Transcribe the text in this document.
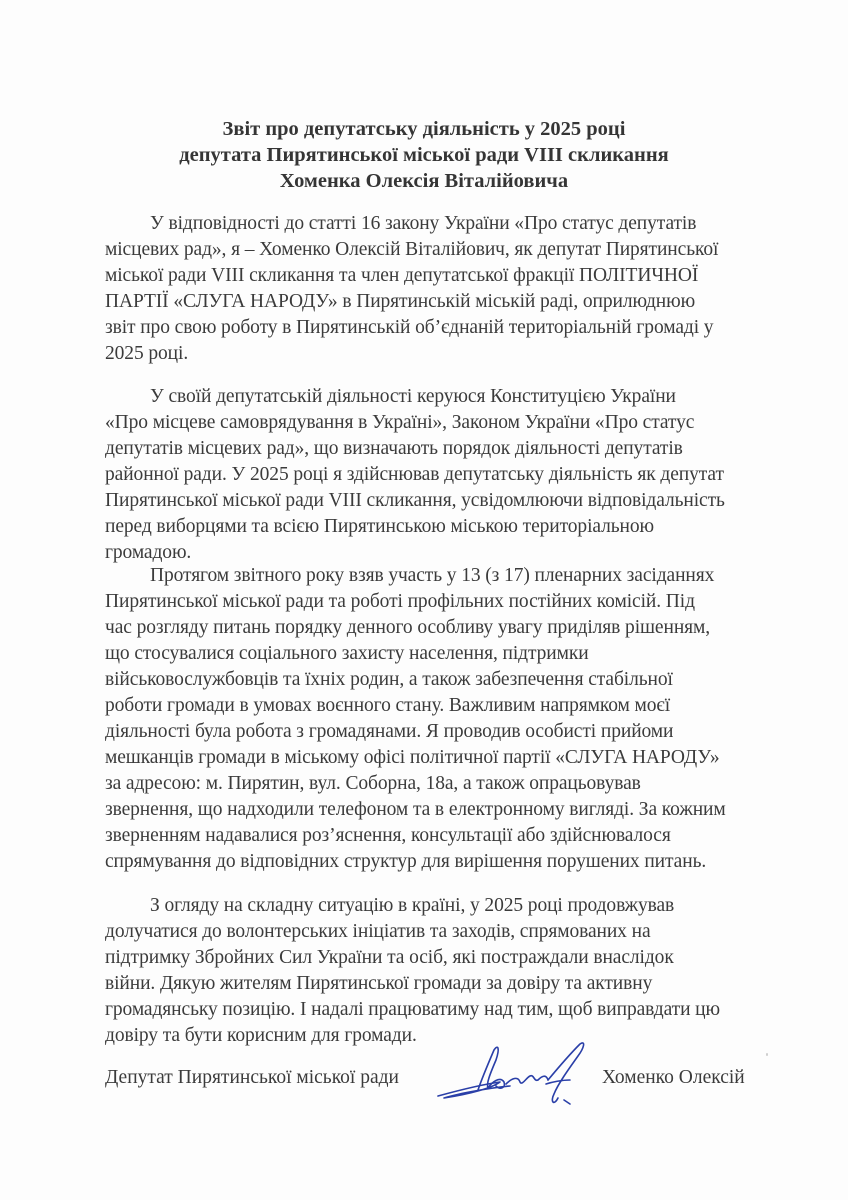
Звіт про депутатську діяльність у 2025 році
депутата Пирятинської міської ради VIII скликання
Хоменка Олексія Віталійовича
У відповідності до статті 16 закону України «Про статус депутатів
місцевих рад», я – Хоменко Олексій Віталійович, як депутат Пирятинської
міської ради VIII скликання та член депутатської фракції ПОЛІТИЧНОЇ
ПАРТІЇ «СЛУГА НАРОДУ» в Пирятинській міській раді, оприлюднюю
звіт про свою роботу в Пирятинській об’єднаній територіальній громаді у
2025 році.
У своїй депутатській діяльності керуюся Конституцією України
«Про місцеве самоврядування в Україні», Законом України «Про статус
депутатів місцевих рад», що визначають порядок діяльності депутатів
районної ради. У 2025 році я здійснював депутатську діяльність як депутат
Пирятинської міської ради VIII скликання, усвідомлюючи відповідальність
перед виборцями та всією Пирятинською міською територіальною
громадою.
Протягом звітного року взяв участь у 13 (з 17) пленарних засіданнях
Пирятинської міської ради та роботі профільних постійних комісій. Під
час розгляду питань порядку денного особливу увагу приділяв рішенням,
що стосувалися соціального захисту населення, підтримки
військовослужбовців та їхніх родин, а також забезпечення стабільної
роботи громади в умовах воєнного стану. Важливим напрямком моєї
діяльності була робота з громадянами. Я проводив особисті прийоми
мешканців громади в міському офісі політичної партії «СЛУГА НАРОДУ»
за адресою: м. Пирятин, вул. Соборна, 18а, а також опрацьовував
звернення, що надходили телефоном та в електронному вигляді. За кожним
зверненням надавалися роз’яснення, консультації або здійснювалося
спрямування до відповідних структур для вирішення порушених питань.
З огляду на складну ситуацію в країні, у 2025 році продовжував
долучатися до волонтерських ініціатив та заходів, спрямованих на
підтримку Збройних Сил України та осіб, які постраждали внаслідок
війни. Дякую жителям Пирятинської громади за довіру та активну
громадянську позицію. І надалі працюватиму над тим, щоб виправдати цю
довіру та бути корисним для громади.
Депутат Пирятинської міської ради	Хоменко Олексій
